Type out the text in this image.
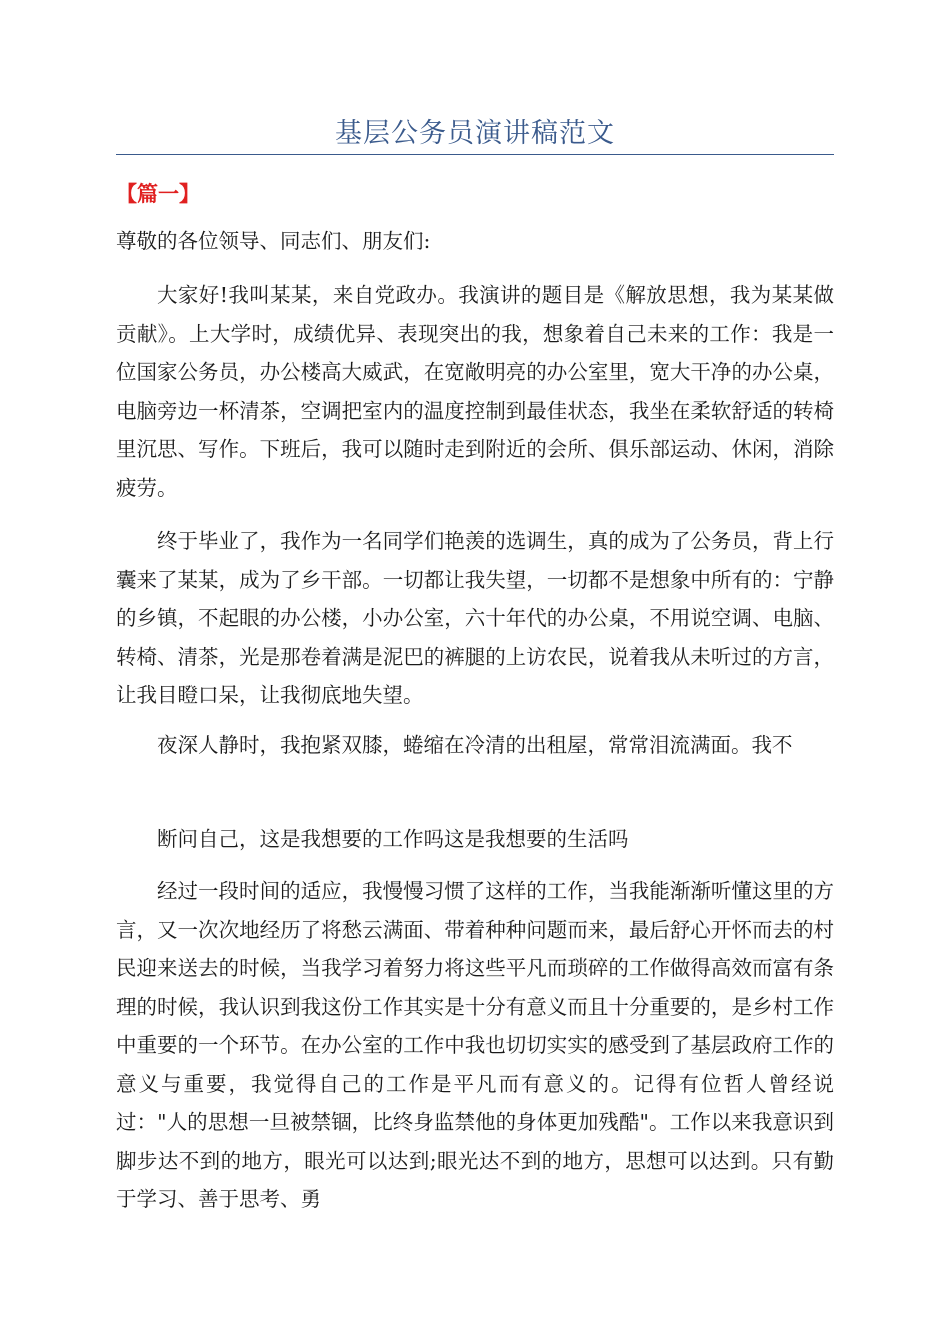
基层公务员演讲稿范文
【篇一】

尊敬的各位领导、同志们、朋友们:

大家好!我叫某某，来自党政办。我演讲的题目是《解放思想，我为某某做贡献》。上大学时，成绩优异、表现突出的我，想象着自己未来的工作：我是一位国家公务员，办公楼高大威武，在宽敞明亮的办公室里，宽大干净的办公桌，电脑旁边一杯清茶，空调把室内的温度控制到最佳状态，我坐在柔软舒适的转椅里沉思、写作。下班后，我可以随时走到附近的会所、俱乐部运动、休闲，消除疲劳。

终于毕业了，我作为一名同学们艳羡的选调生，真的成为了公务员，背上行囊来了某某，成为了乡干部。一切都让我失望，一切都不是想象中所有的：宁静的乡镇，不起眼的办公楼，小办公室，六十年代的办公桌，不用说空调、电脑、转椅、清茶，光是那卷着满是泥巴的裤腿的上访农民，说着我从未听过的方言，让我目瞪口呆，让我彻底地失望。

夜深人静时，我抱紧双膝，蜷缩在冷清的出租屋，常常泪流满面。我不

断问自己，这是我想要的工作吗这是我想要的生活吗

经过一段时间的适应，我慢慢习惯了这样的工作，当我能渐渐听懂这里的方言，又一次次地经历了将愁云满面、带着种种问题而来，最后舒心开怀而去的村民迎来送去的时候，当我学习着努力将这些平凡而琐碎的工作做得高效而富有条理的时候，我认识到我这份工作其实是十分有意义而且十分重要的，是乡村工作中重要的一个环节。在办公室的工作中我也切切实实的感受到了基层政府工作的意义与重要，我觉得自己的工作是平凡而有意义的。记得有位哲人曾经说过："人的思想一旦被禁锢，比终身监禁他的身体更加残酷"。工作以来我意识到脚步达不到的地方，眼光可以达到;眼光达不到的地方，思想可以达到。只有勤于学习、善于思考、勇
